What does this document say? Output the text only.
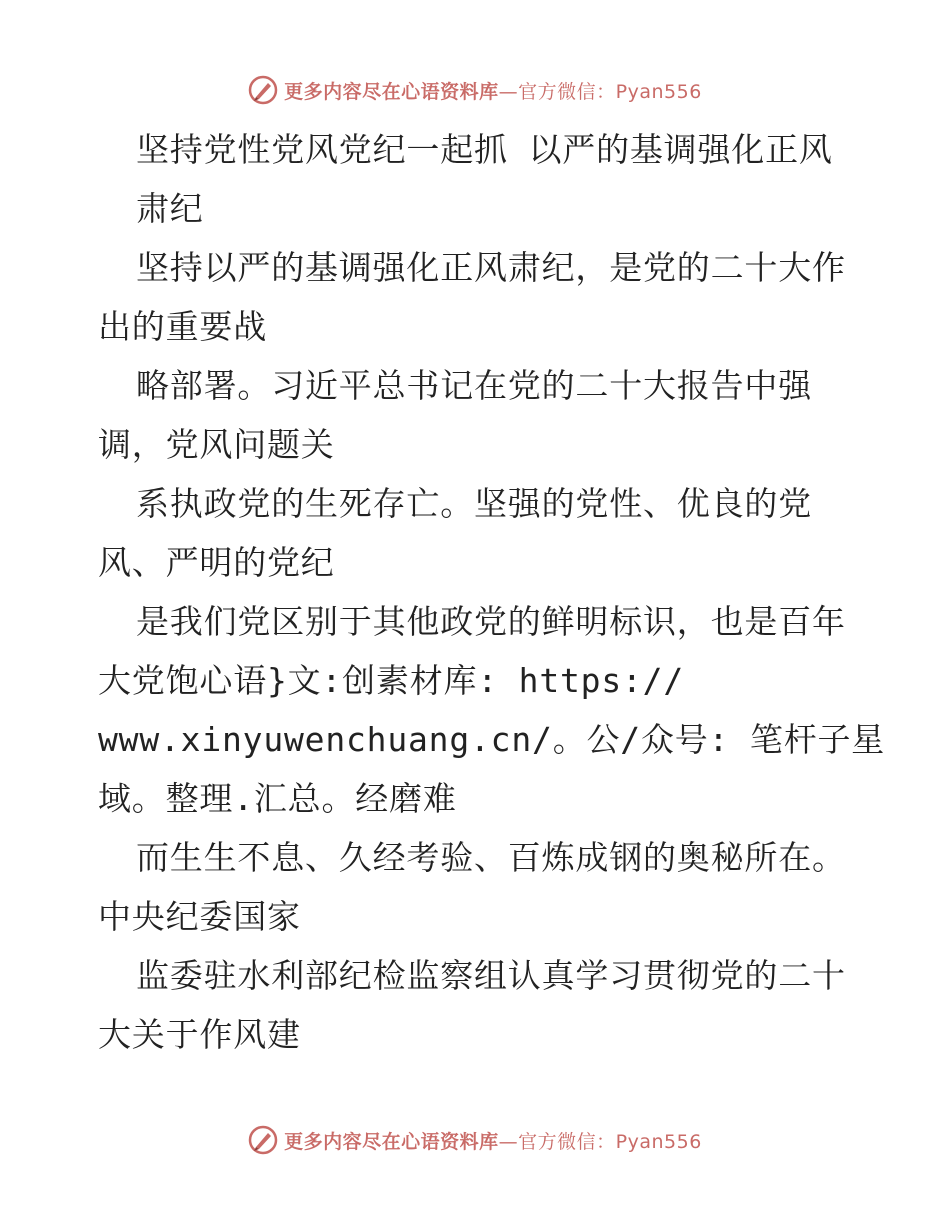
更多内容尽在心语资料库—官方微信：Pyan556
坚持党性党风党纪一起抓 以严的基调强化正风
肃纪
坚持以严的基调强化正风肃纪，是党的二十大作
出的重要战
略部署。习近平总书记在党的二十大报告中强
调，党风问题关
系执政党的生死存亡。坚强的党性、优良的党
风、严明的党纪
是我们党区别于其他政党的鲜明标识，也是百年
大党饱心语}文:创素材库: https://
www.xinyuwenchuang.cn/。公/众号: 笔杆子星
域。整理.汇总。经磨难
而生生不息、久经考验、百炼成钢的奥秘所在。
中央纪委国家
监委驻水利部纪检监察组认真学习贯彻党的二十
大关于作风建
更多内容尽在心语资料库—官方微信：Pyan556
